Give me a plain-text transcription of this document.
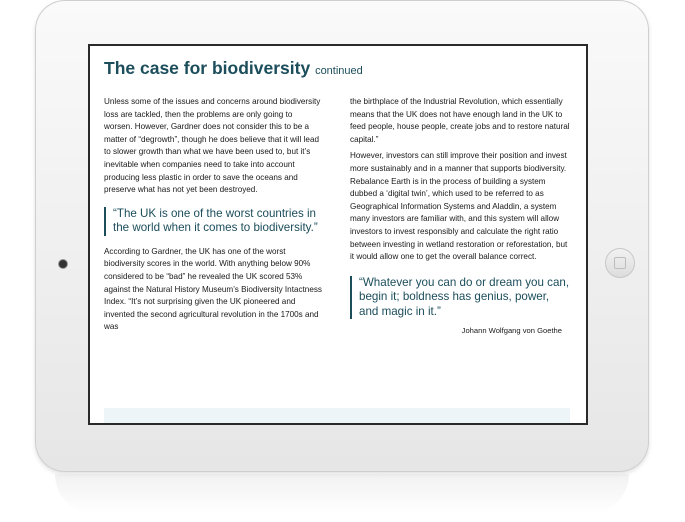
The case for biodiversity continued

Unless some of the issues and concerns around biodiversity loss are tackled, then the problems are only going to worsen. However, Gardner does not consider this to be a matter of “degrowth”, though he does believe that it will lead to slower growth than what we have been used to, but it’s inevitable when companies need to take into account producing less plastic in order to save the oceans and preserve what has not yet been destroyed.

“The UK is one of the worst countries in the world when it comes to biodiversity.”

According to Gardner, the UK has one of the worst biodiversity scores in the world. With anything below 90% considered to be “bad” he revealed the UK scored 53% against the Natural History Museum’s Biodiversity Intactness Index. “It’s not surprising given the UK pioneered and invented the second agricultural revolution in the 1700s and was

the birthplace of the Industrial Revolution, which essentially means that the UK does not have enough land in the UK to feed people, house people, create jobs and to restore natural capital.”

However, investors can still improve their position and invest more sustainably and in a manner that supports biodiversity. Rebalance Earth is in the process of building a system dubbed a ‘digital twin’, which used to be referred to as Geographical Information Systems and Aladdin, a system many investors are familiar with, and this system will allow investors to invest responsibly and calculate the right ratio between investing in wetland restoration or reforestation, but it would allow one to get the overall balance correct.

“Whatever you can do or dream you can, begin it; boldness has genius, power, and magic in it.”
Johann Wolfgang von Goethe
